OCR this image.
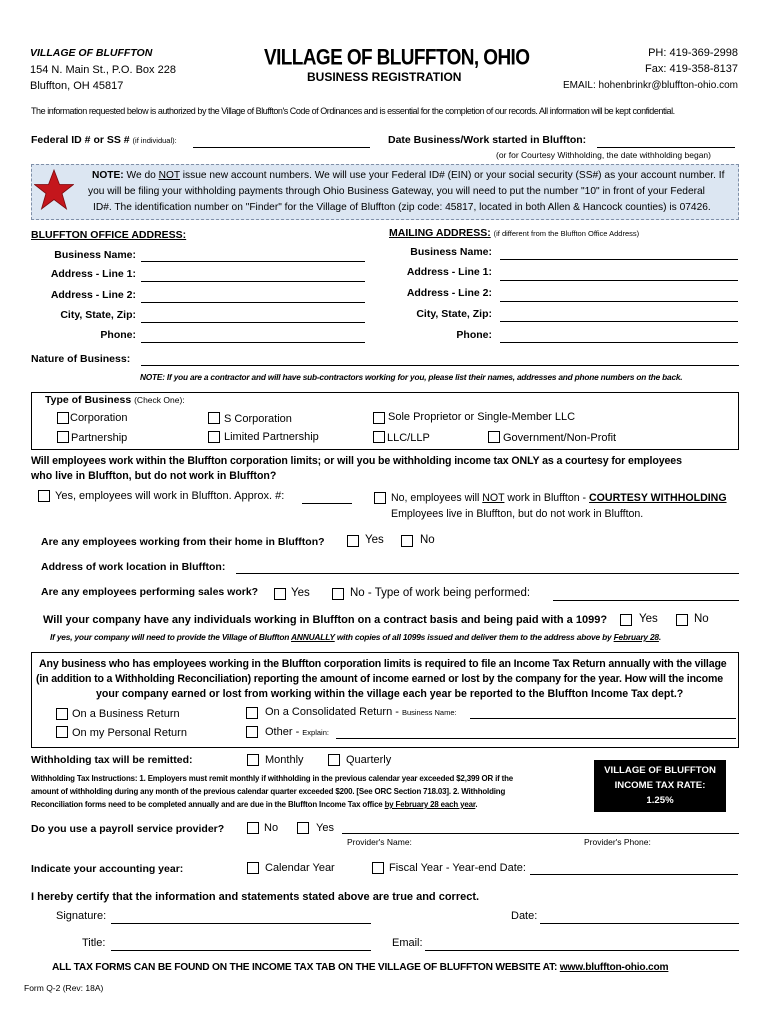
VILLAGE OF BLUFFTON
154 N. Main St., P.O. Box 228
Bluffton, OH 45817
VILLAGE OF BLUFFTON, OHIO
BUSINESS REGISTRATION
PH: 419-369-2998
Fax: 419-358-8137
EMAIL: hohenbrinkr@bluffton-ohio.com
The information requested below is authorized by the Village of Bluffton's Code of Ordinances and is essential for the completion of our records. All information will be kept confidential.
Federal ID # or SS # (if individual):	Date Business/Work started in Bluffton:
(or for Courtesy Withholding, the date withholding began)
NOTE: We do NOT issue new account numbers. We will use your Federal ID# (EIN) or your social security (SS#) as your account number. If
you will be filing your withholding payments through Ohio Business Gateway, you will need to put the number "10" in front of your Federal
ID#. The identification number on "Finder" for the Village of Bluffton (zip code: 45817, located in both Allen & Hancock counties) is 07426.
BLUFFTON OFFICE ADDRESS:	MAILING ADDRESS: (if different from the Bluffton Office Address)
Business Name:
Address - Line 1:
Address - Line 2:
City, State, Zip:
Phone:
Business Name:
Address - Line 1:
Address - Line 2:
City, State, Zip:
Phone:
Nature of Business:
NOTE: If you are a contractor and will have sub-contractors working for you, please list their names, addresses and phone numbers on the back.
Type of Business (Check One):
Corporation	S Corporation	Sole Proprietor or Single-Member LLC
Partnership	Limited Partnership	LLC/LLP	Government/Non-Profit
Will employees work within the Bluffton corporation limits; or will you be withholding income tax ONLY as a courtesy for employees
who live in Bluffton, but do not work in Bluffton?
Yes, employees will work in Bluffton. Approx. #:	No, employees will NOT work in Bluffton - COURTESY WITHHOLDING
Employees live in Bluffton, but do not work in Bluffton.
Are any employees working from their home in Bluffton?	Yes	No
Address of work location in Bluffton:
Are any employees performing sales work?	Yes	No - Type of work being performed:
Will your company have any individuals working in Bluffton on a contract basis and being paid with a 1099?	Yes	No
If yes, your company will need to provide the Village of Bluffton ANNUALLY with copies of all 1099s issued and deliver them to the address above by February 28.
Any business who has employees working in the Bluffton corporation limits is required to file an Income Tax Return annually with the village
(in addition to a Withholding Reconciliation) reporting the amount of income earned or lost by the company for the year. How will the income
your company earned or lost from working within the village each year be reported to the Bluffton Income Tax dept.?
On a Business Return	On a Consolidated Return - Business Name:
On my Personal Return	Other - Explain:
Withholding tax will be remitted:	Monthly	Quarterly
Withholding Tax Instructions: 1. Employers must remit monthly if withholding in the previous calendar year exceeded $2,399 OR if the
amount of withholding during any month of the previous calendar quarter exceeded $200. [See ORC Section 718.03]. 2. Withholding
Reconciliation forms need to be completed annually and are due in the Bluffton Income Tax office by February 28 each year.
VILLAGE OF BLUFFTON
INCOME TAX RATE:
1.25%
Do you use a payroll service provider?	No	Yes
Provider's Name:	Provider's Phone:
Indicate your accounting year:	Calendar Year	Fiscal Year - Year-end Date:
I hereby certify that the information and statements stated above are true and correct.
Signature:	Date:
Title:	Email:
ALL TAX FORMS CAN BE FOUND ON THE INCOME TAX TAB ON THE VILLAGE OF BLUFFTON WEBSITE AT: www.bluffton-ohio.com
Form Q-2 (Rev: 18A)
